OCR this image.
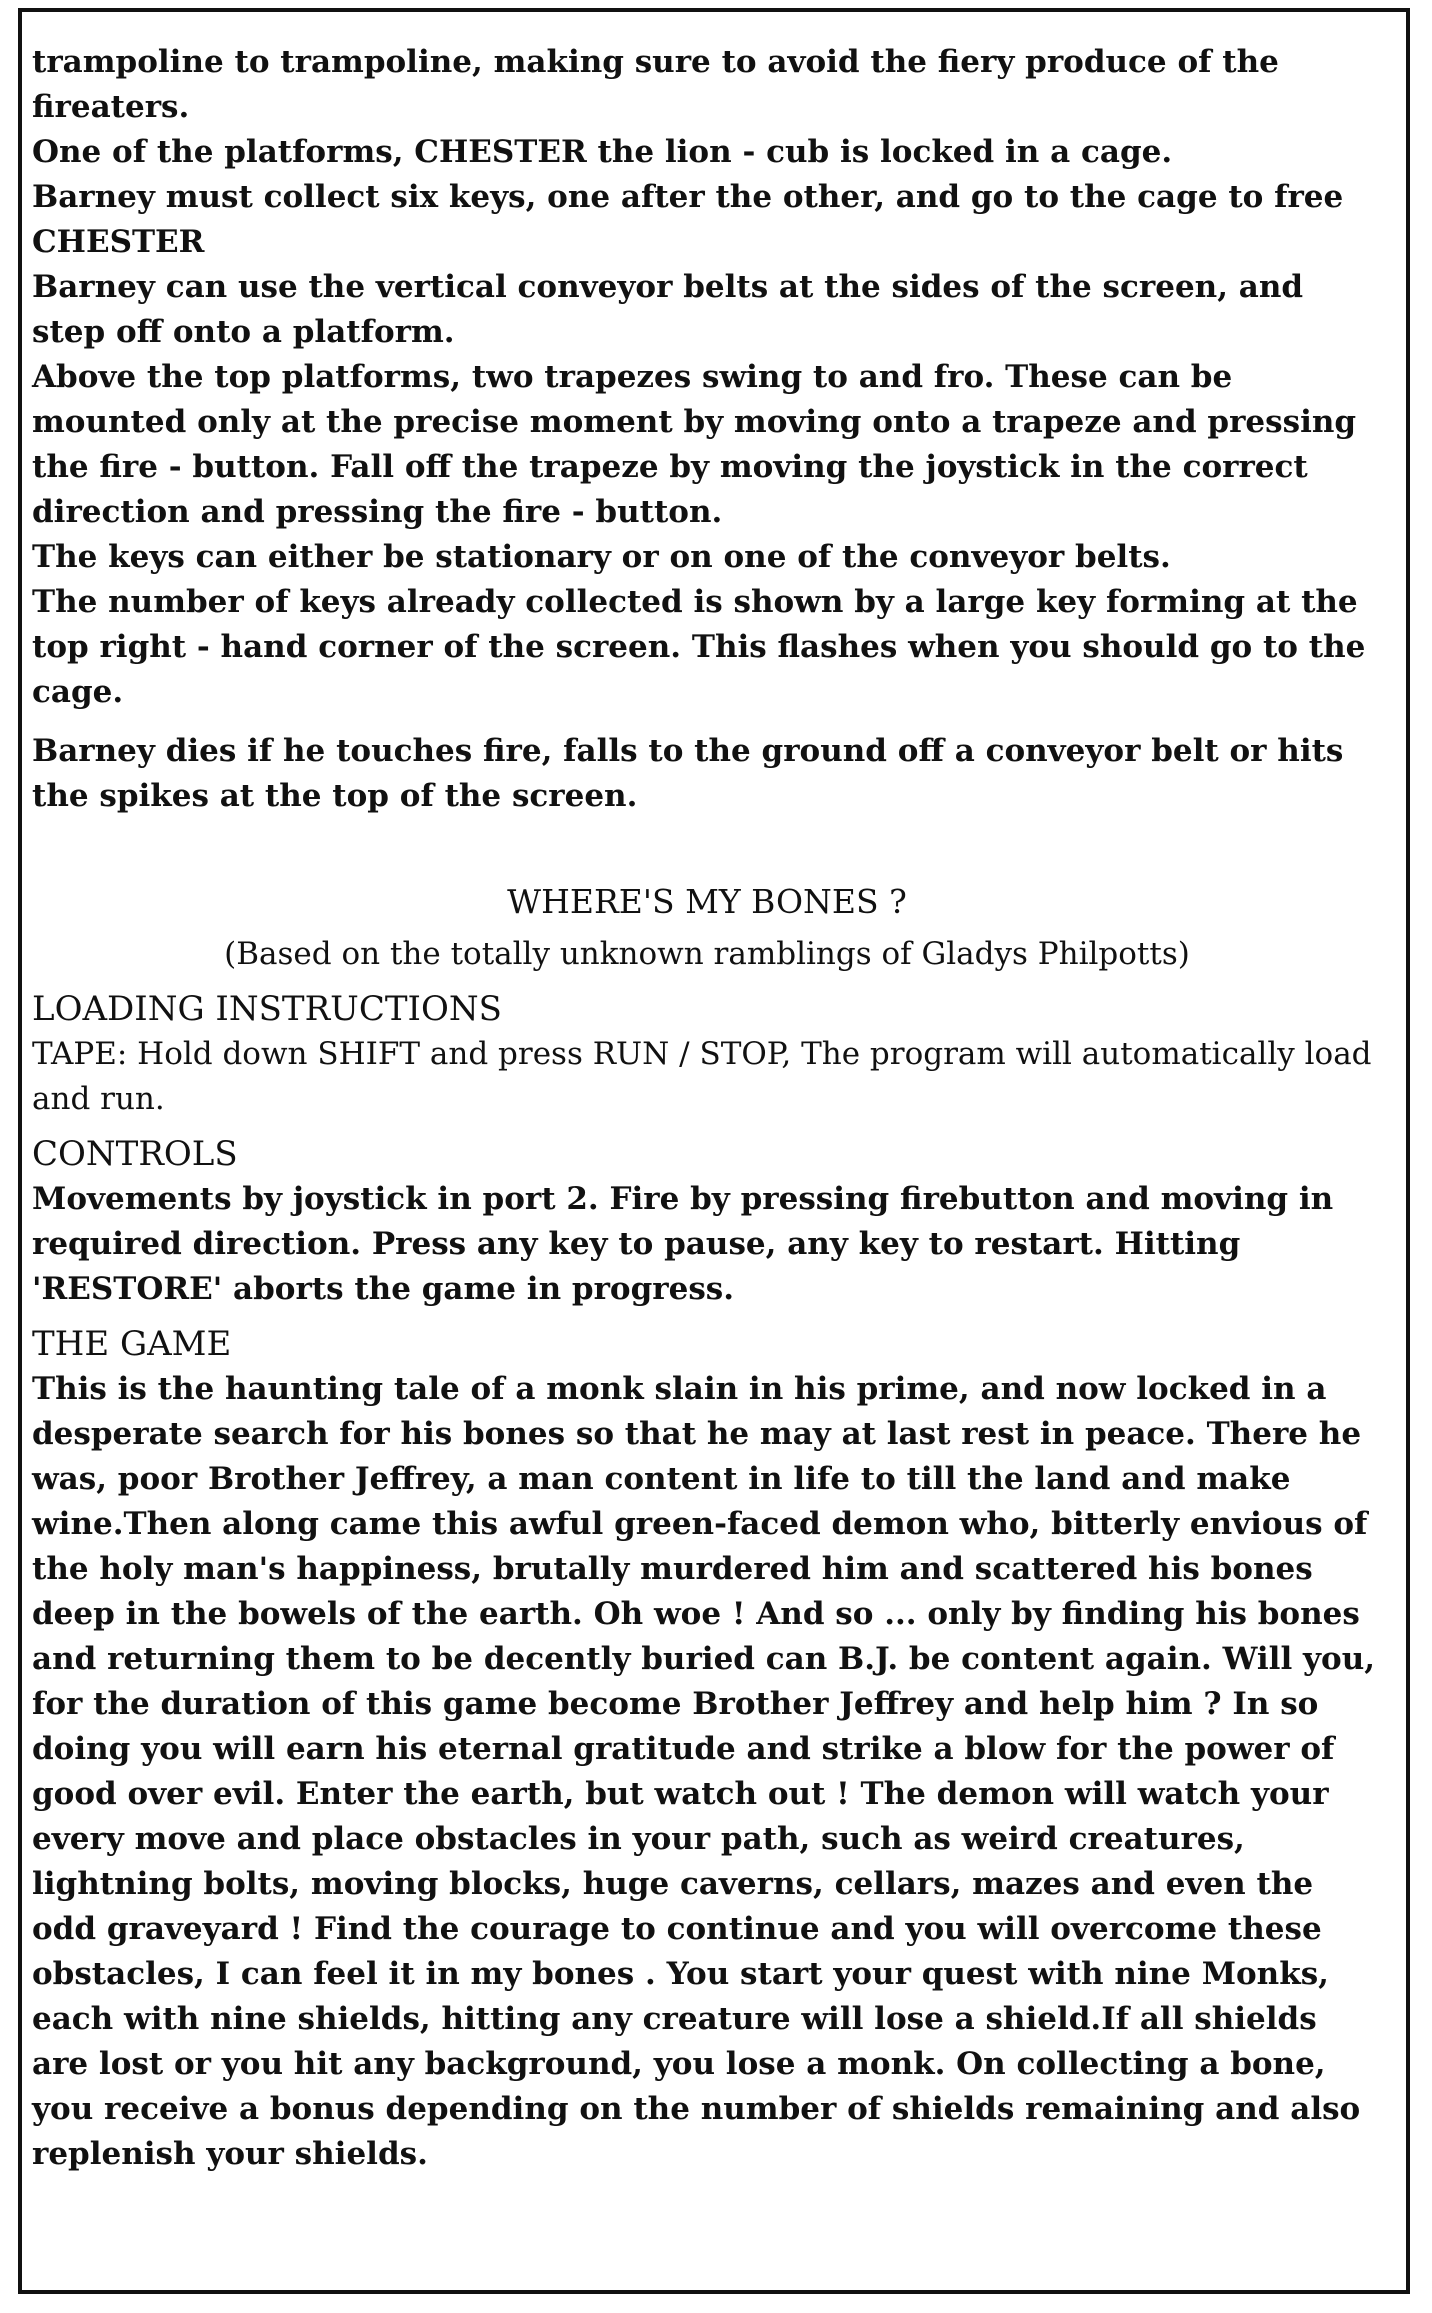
trampoline to trampoline, making sure to avoid the fiery produce of the fireaters.

One of the platforms, CHESTER the lion - cub is locked in a cage.

Barney must collect six keys, one after the other, and go to the cage to free CHESTER

Barney can use the vertical conveyor belts at the sides of the screen, and step off onto a platform.

Above the top platforms, two trapezes swing to and fro. These can be mounted only at the precise moment by moving onto a trapeze and pressing the fire - button. Fall off the trapeze by moving the joystick in the correct direction and pressing the fire - button.

The keys can either be stationary or on one of the conveyor belts.

The number of keys already collected is shown by a large key forming at the top right - hand corner of the screen. This flashes when you should go to the cage.

Barney dies if he touches fire, falls to the ground off a conveyor belt or hits the spikes at the top of the screen.

WHERE'S MY BONES ?

(Based on the totally unknown ramblings of Gladys Philpotts)

LOADING INSTRUCTIONS

TAPE: Hold down SHIFT and press RUN / STOP, The program will automatically load and run.

CONTROLS

Movements by joystick in port 2. Fire by pressing firebutton and moving in required direction. Press any key to pause, any key to restart. Hitting 'RESTORE' aborts the game in progress.

THE GAME

This is the haunting tale of a monk slain in his prime, and now locked in a desperate search for his bones so that he may at last rest in peace. There he was, poor Brother Jeffrey, a man content in life to till the land and make wine.Then along came this awful green-faced demon who, bitterly envious of the holy man's happiness, brutally murdered him and scattered his bones deep in the bowels of the earth. Oh woe ! And so ... only by finding his bones and returning them to be decently buried can B.J. be content again. Will you, for the duration of this game become Brother Jeffrey and help him ? In so doing you will earn his eternal gratitude and strike a blow for the power of good over evil. Enter the earth, but watch out ! The demon will watch your every move and place obstacles in your path, such as weird creatures, lightning bolts, moving blocks, huge caverns, cellars, mazes and even the odd graveyard ! Find the courage to continue and you will overcome these obstacles, I can feel it in my bones . You start your quest with nine Monks, each with nine shields, hitting any creature will lose a shield.If all shields are lost or you hit any background, you lose a monk. On collecting a bone, you receive a bonus depending on the number of shields remaining and also replenish your shields.
